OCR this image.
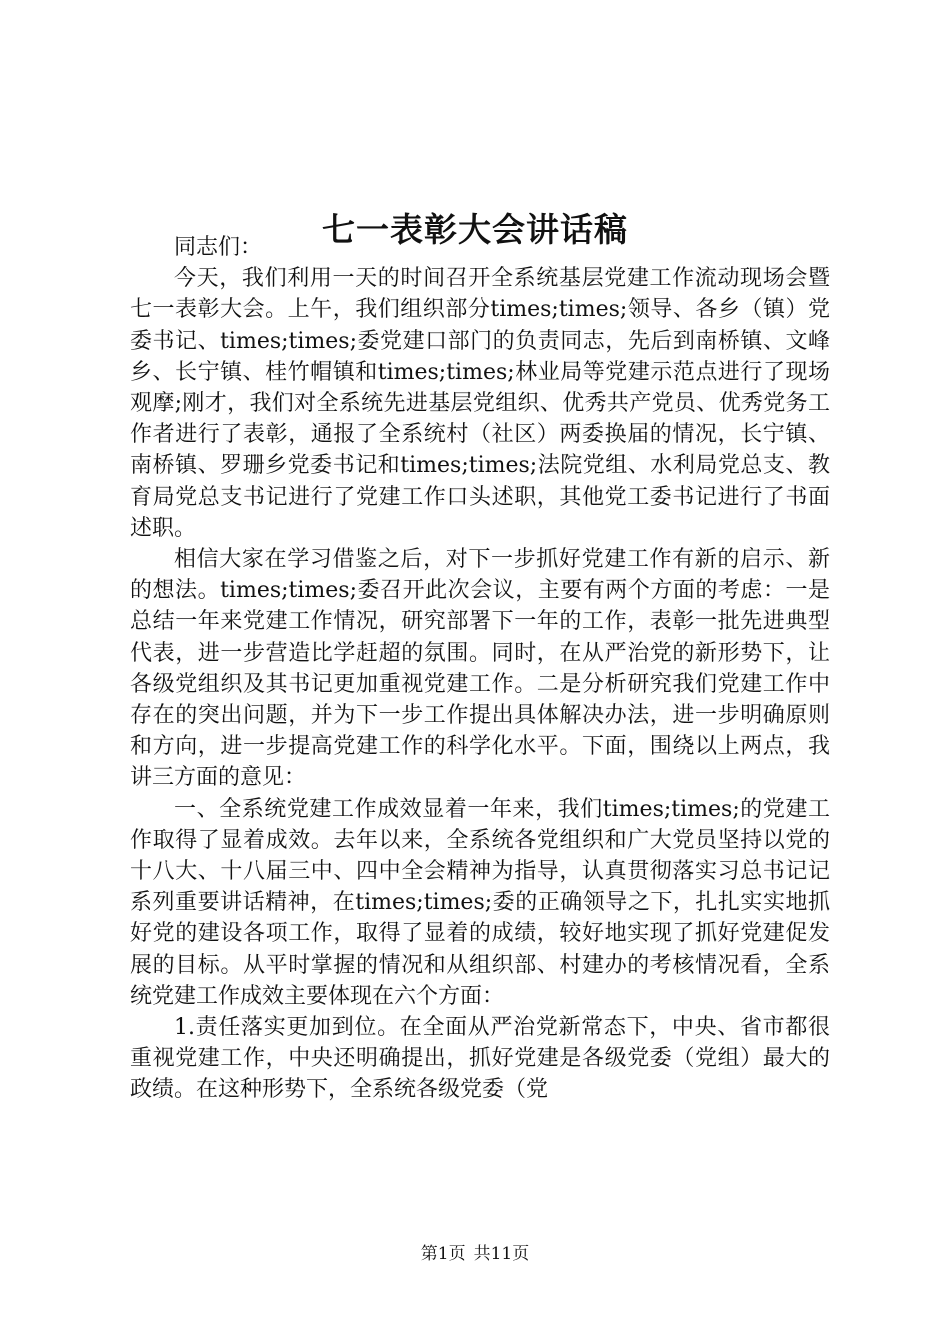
七一表彰大会讲话稿

同志们：

今天，我们利用一天的时间召开全系统基层党建工作流动现场会暨七一表彰大会。上午，我们组织部分times;times;领导、各乡（镇）党委书记、times;times;委党建口部门的负责同志，先后到南桥镇、文峰乡、长宁镇、桂竹帽镇和times;times;林业局等党建示范点进行了现场观摩;刚才，我们对全系统先进基层党组织、优秀共产党员、优秀党务工作者进行了表彰，通报了全系统村（社区）两委换届的情况，长宁镇、南桥镇、罗珊乡党委书记和times;times;法院党组、水利局党总支、教育局党总支书记进行了党建工作口头述职，其他党工委书记进行了书面述职。

相信大家在学习借鉴之后，对下一步抓好党建工作有新的启示、新的想法。times;times;委召开此次会议，主要有两个方面的考虑：一是总结一年来党建工作情况，研究部署下一年的工作，表彰一批先进典型代表，进一步营造比学赶超的氛围。同时，在从严治党的新形势下，让各级党组织及其书记更加重视党建工作。二是分析研究我们党建工作中存在的突出问题，并为下一步工作提出具体解决办法，进一步明确原则和方向，进一步提高党建工作的科学化水平。下面，围绕以上两点，我讲三方面的意见：

一、全系统党建工作成效显着一年来，我们times;times;的党建工作取得了显着成效。去年以来，全系统各党组织和广大党员坚持以党的十八大、十八届三中、四中全会精神为指导，认真贯彻落实习总书记记系列重要讲话精神，在times;times;委的正确领导之下，扎扎实实地抓好党的建设各项工作，取得了显着的成绩，较好地实现了抓好党建促发展的目标。从平时掌握的情况和从组织部、村建办的考核情况看，全系统党建工作成效主要体现在六个方面：

1.责任落实更加到位。在全面从严治党新常态下，中央、省市都很重视党建工作，中央还明确提出，抓好党建是各级党委（党组）最大的政绩。在这种形势下，全系统各级党委（党

第1页 共11页
